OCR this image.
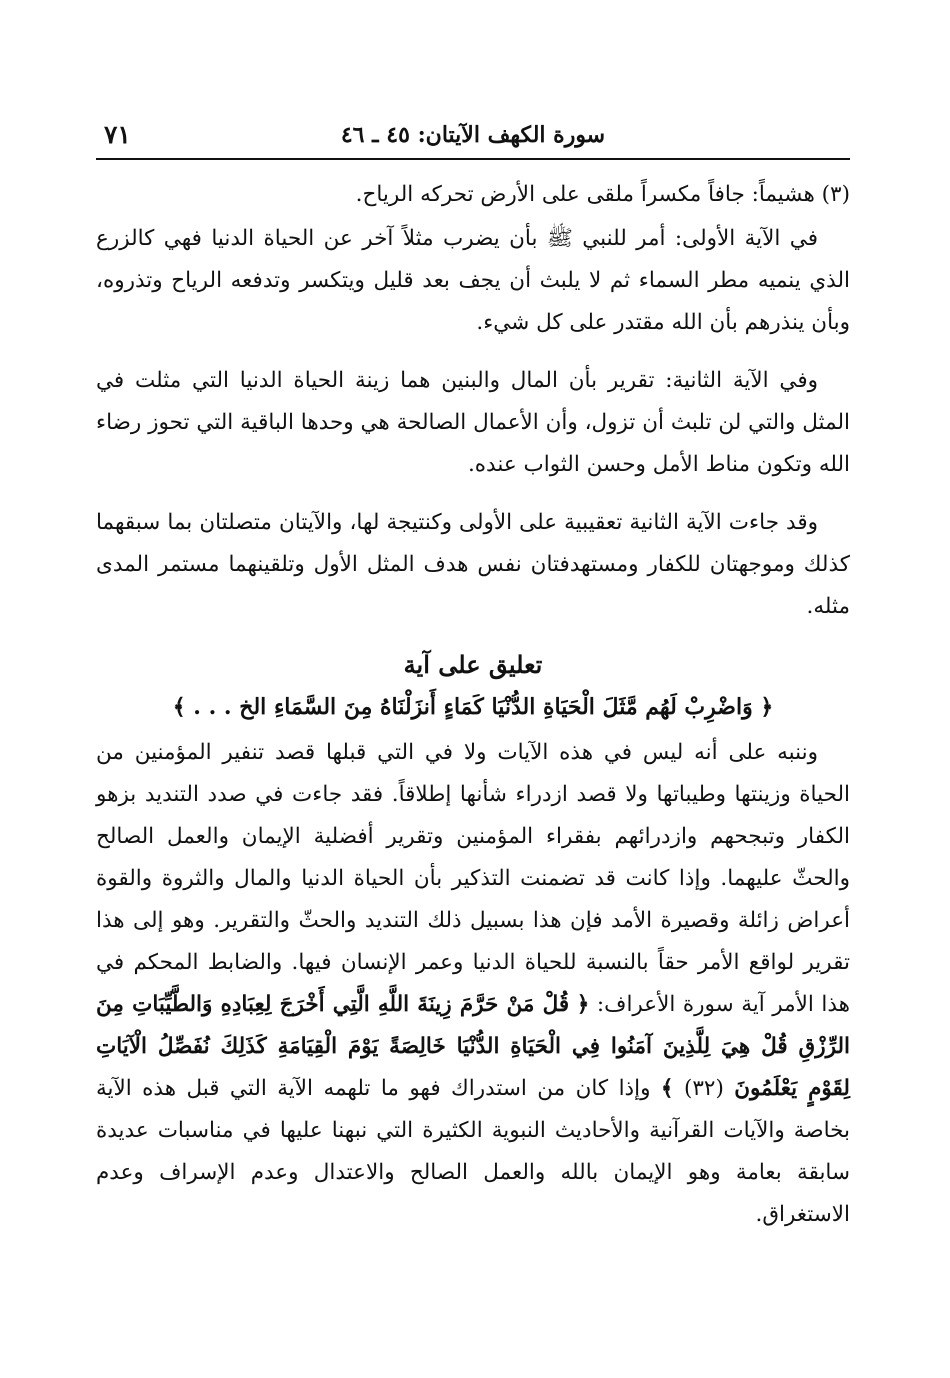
سورة الكهف الآيتان: ٤٥ ـ ٤٦
٧١

(٣) هشيماً: جافاً مكسراً ملقى على الأرض تحركه الرياح.

في الآية الأولى: أمر للنبي ﷺ بأن يضرب مثلاً آخر عن الحياة الدنيا فهي كالزرع الذي ينميه مطر السماء ثم لا يلبث أن يجف بعد قليل ويتكسر وتدفعه الرياح وتذروه، وبأن ينذرهم بأن الله مقتدر على كل شيء.

وفي الآية الثانية: تقرير بأن المال والبنين هما زينة الحياة الدنيا التي مثلت في المثل والتي لن تلبث أن تزول، وأن الأعمال الصالحة هي وحدها الباقية التي تحوز رضاء الله وتكون مناط الأمل وحسن الثواب عنده.

وقد جاءت الآية الثانية تعقيبية على الأولى وكنتيجة لها، والآيتان متصلتان بما سبقهما كذلك وموجهتان للكفار ومستهدفتان نفس هدف المثل الأول وتلقينهما مستمر المدى مثله.

تعليق على آية
﴿ وَاضْرِبْ لَهُم مَّثَلَ الْحَيَاةِ الدُّنْيَا كَمَاءٍ أَنزَلْنَاهُ مِنَ السَّمَاءِ الخ . . . ﴾

وننبه على أنه ليس في هذه الآيات ولا في التي قبلها قصد تنفير المؤمنين من الحياة وزينتها وطيباتها ولا قصد ازدراء شأنها إطلاقاً. فقد جاءت في صدد التنديد بزهو الكفار وتبجحهم وازدرائهم بفقراء المؤمنين وتقرير أفضلية الإيمان والعمل الصالح والحثّ عليهما. وإذا كانت قد تضمنت التذكير بأن الحياة الدنيا والمال والثروة والقوة أعراض زائلة وقصيرة الأمد فإن هذا بسبيل ذلك التنديد والحثّ والتقرير. وهو إلى هذا تقرير لواقع الأمر حقاً بالنسبة للحياة الدنيا وعمر الإنسان فيها. والضابط المحكم في هذا الأمر آية سورة الأعراف: ﴿ قُلْ مَنْ حَرَّمَ زِينَةَ اللَّهِ الَّتِي أَخْرَجَ لِعِبَادِهِ وَالطَّيِّبَاتِ مِنَ الرِّزْقِ قُلْ هِيَ لِلَّذِينَ آمَنُوا فِي الْحَيَاةِ الدُّنْيَا خَالِصَةً يَوْمَ الْقِيَامَةِ كَذَلِكَ نُفَصِّلُ الْآيَاتِ لِقَوْمٍ يَعْلَمُونَ (٣٢) ﴾ وإذا كان من استدراك فهو ما تلهمه الآية التي قبل هذه الآية بخاصة والآيات القرآنية والأحاديث النبوية الكثيرة التي نبهنا عليها في مناسبات عديدة سابقة بعامة وهو الإيمان بالله والعمل الصالح والاعتدال وعدم الإسراف وعدم الاستغراق.
